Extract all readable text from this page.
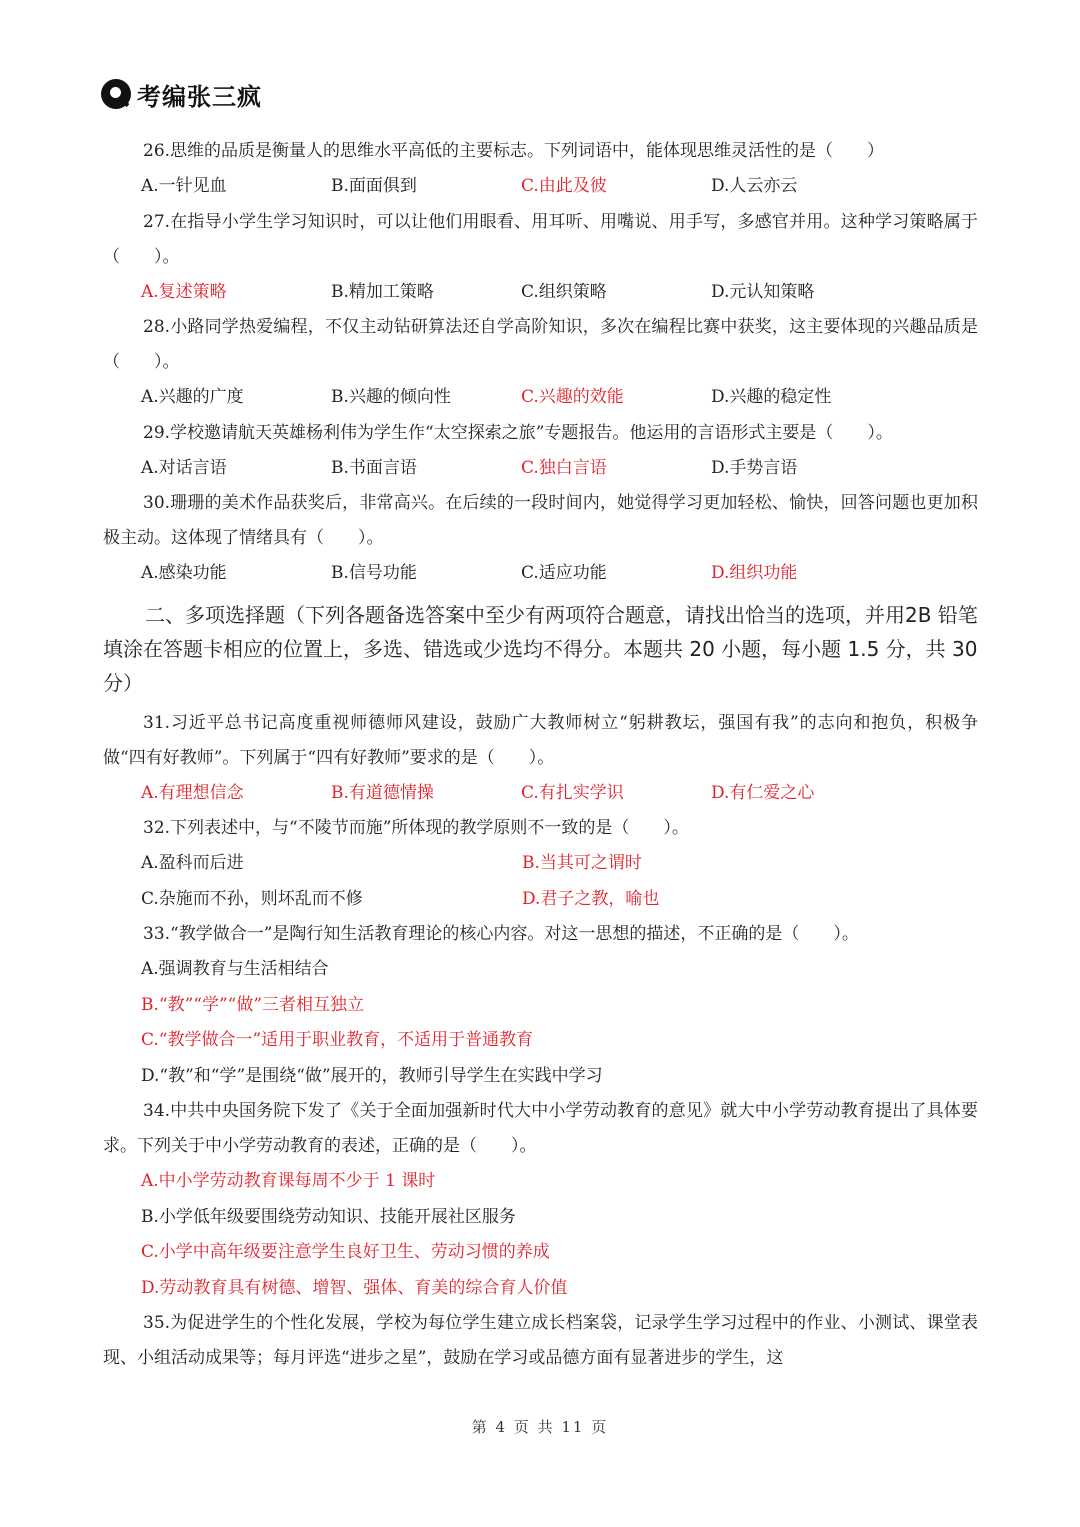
考编张三疯

26.思维的品质是衡量人的思维水平高低的主要标志。下列词语中，能体现思维灵活性的是（　　）

A.一针见血	B.面面俱到	C.由此及彼	D.人云亦云

27.在指导小学生学习知识时，可以让他们用眼看、用耳听、用嘴说、用手写，多感官并用。这种学习策略属于（　　）。

A.复述策略	B.精加工策略	C.组织策略	D.元认知策略

28.小路同学热爱编程，不仅主动钻研算法还自学高阶知识，多次在编程比赛中获奖，这主要体现的兴趣品质是（　　）。

A.兴趣的广度	B.兴趣的倾向性	C.兴趣的效能	D.兴趣的稳定性

29.学校邀请航天英雄杨利伟为学生作“太空探索之旅”专题报告。他运用的言语形式主要是（　　）。

A.对话言语	B.书面言语	C.独白言语	D.手势言语

30.珊珊的美术作品获奖后，非常高兴。在后续的一段时间内，她觉得学习更加轻松、愉快，回答问题也更加积极主动。这体现了情绪具有（　　）。

A.感染功能	B.信号功能	C.适应功能	D.组织功能

二、多项选择题（下列各题备选答案中至少有两项符合题意，请找出恰当的选项，并用2B 铅笔填涂在答题卡相应的位置上，多选、错选或少选均不得分。本题共 20 小题，每小题 1.5 分，共 30 分）

31.习近平总书记高度重视师德师风建设，鼓励广大教师树立“躬耕教坛，强国有我”的志向和抱负，积极争做“四有好教师”。下列属于“四有好教师”要求的是（　　）。

A.有理想信念	B.有道德情操	C.有扎实学识	D.有仁爱之心

32.下列表述中，与“不陵节而施”所体现的教学原则不一致的是（　　）。

A.盈科而后进	B.当其可之谓时
C.杂施而不孙，则坏乱而不修	D.君子之教，喻也

33.“教学做合一”是陶行知生活教育理论的核心内容。对这一思想的描述，不正确的是（　　）。

A.强调教育与生活相结合
B.“教”“学”“做”三者相互独立
C.“教学做合一”适用于职业教育，不适用于普通教育
D.“教”和“学”是围绕“做”展开的，教师引导学生在实践中学习

34.中共中央国务院下发了《关于全面加强新时代大中小学劳动教育的意见》就大中小学劳动教育提出了具体要求。下列关于中小学劳动教育的表述，正确的是（　　）。

A.中小学劳动教育课每周不少于 1 课时
B.小学低年级要围绕劳动知识、技能开展社区服务
C.小学中高年级要注意学生良好卫生、劳动习惯的养成
D.劳动教育具有树德、增智、强体、育美的综合育人价值

35.为促进学生的个性化发展，学校为每位学生建立成长档案袋，记录学生学习过程中的作业、小测试、课堂表现、小组活动成果等；每月评选“进步之星”，鼓励在学习或品德方面有显著进步的学生，这

第 4 页 共 11 页
